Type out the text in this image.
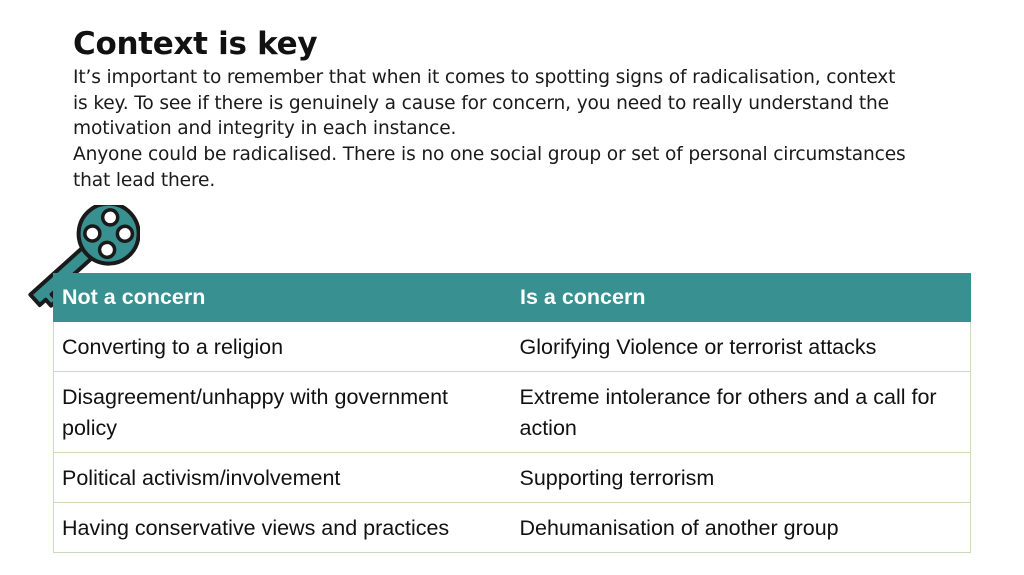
Context is key

It’s important to remember that when it comes to spotting signs of radicalisation, context is key. To see if there is genuinely a cause for concern, you need to really understand the motivation and integrity in each instance.

Anyone could be radicalised. There is no one social group or set of personal circumstances that lead there.

Not a concern	Is a concern
Converting to a religion	Glorifying Violence or terrorist attacks
Disagreement/unhappy with government policy	Extreme intolerance for others and a call for action
Political activism/involvement	Supporting terrorism
Having conservative views and practices	Dehumanisation of another group
